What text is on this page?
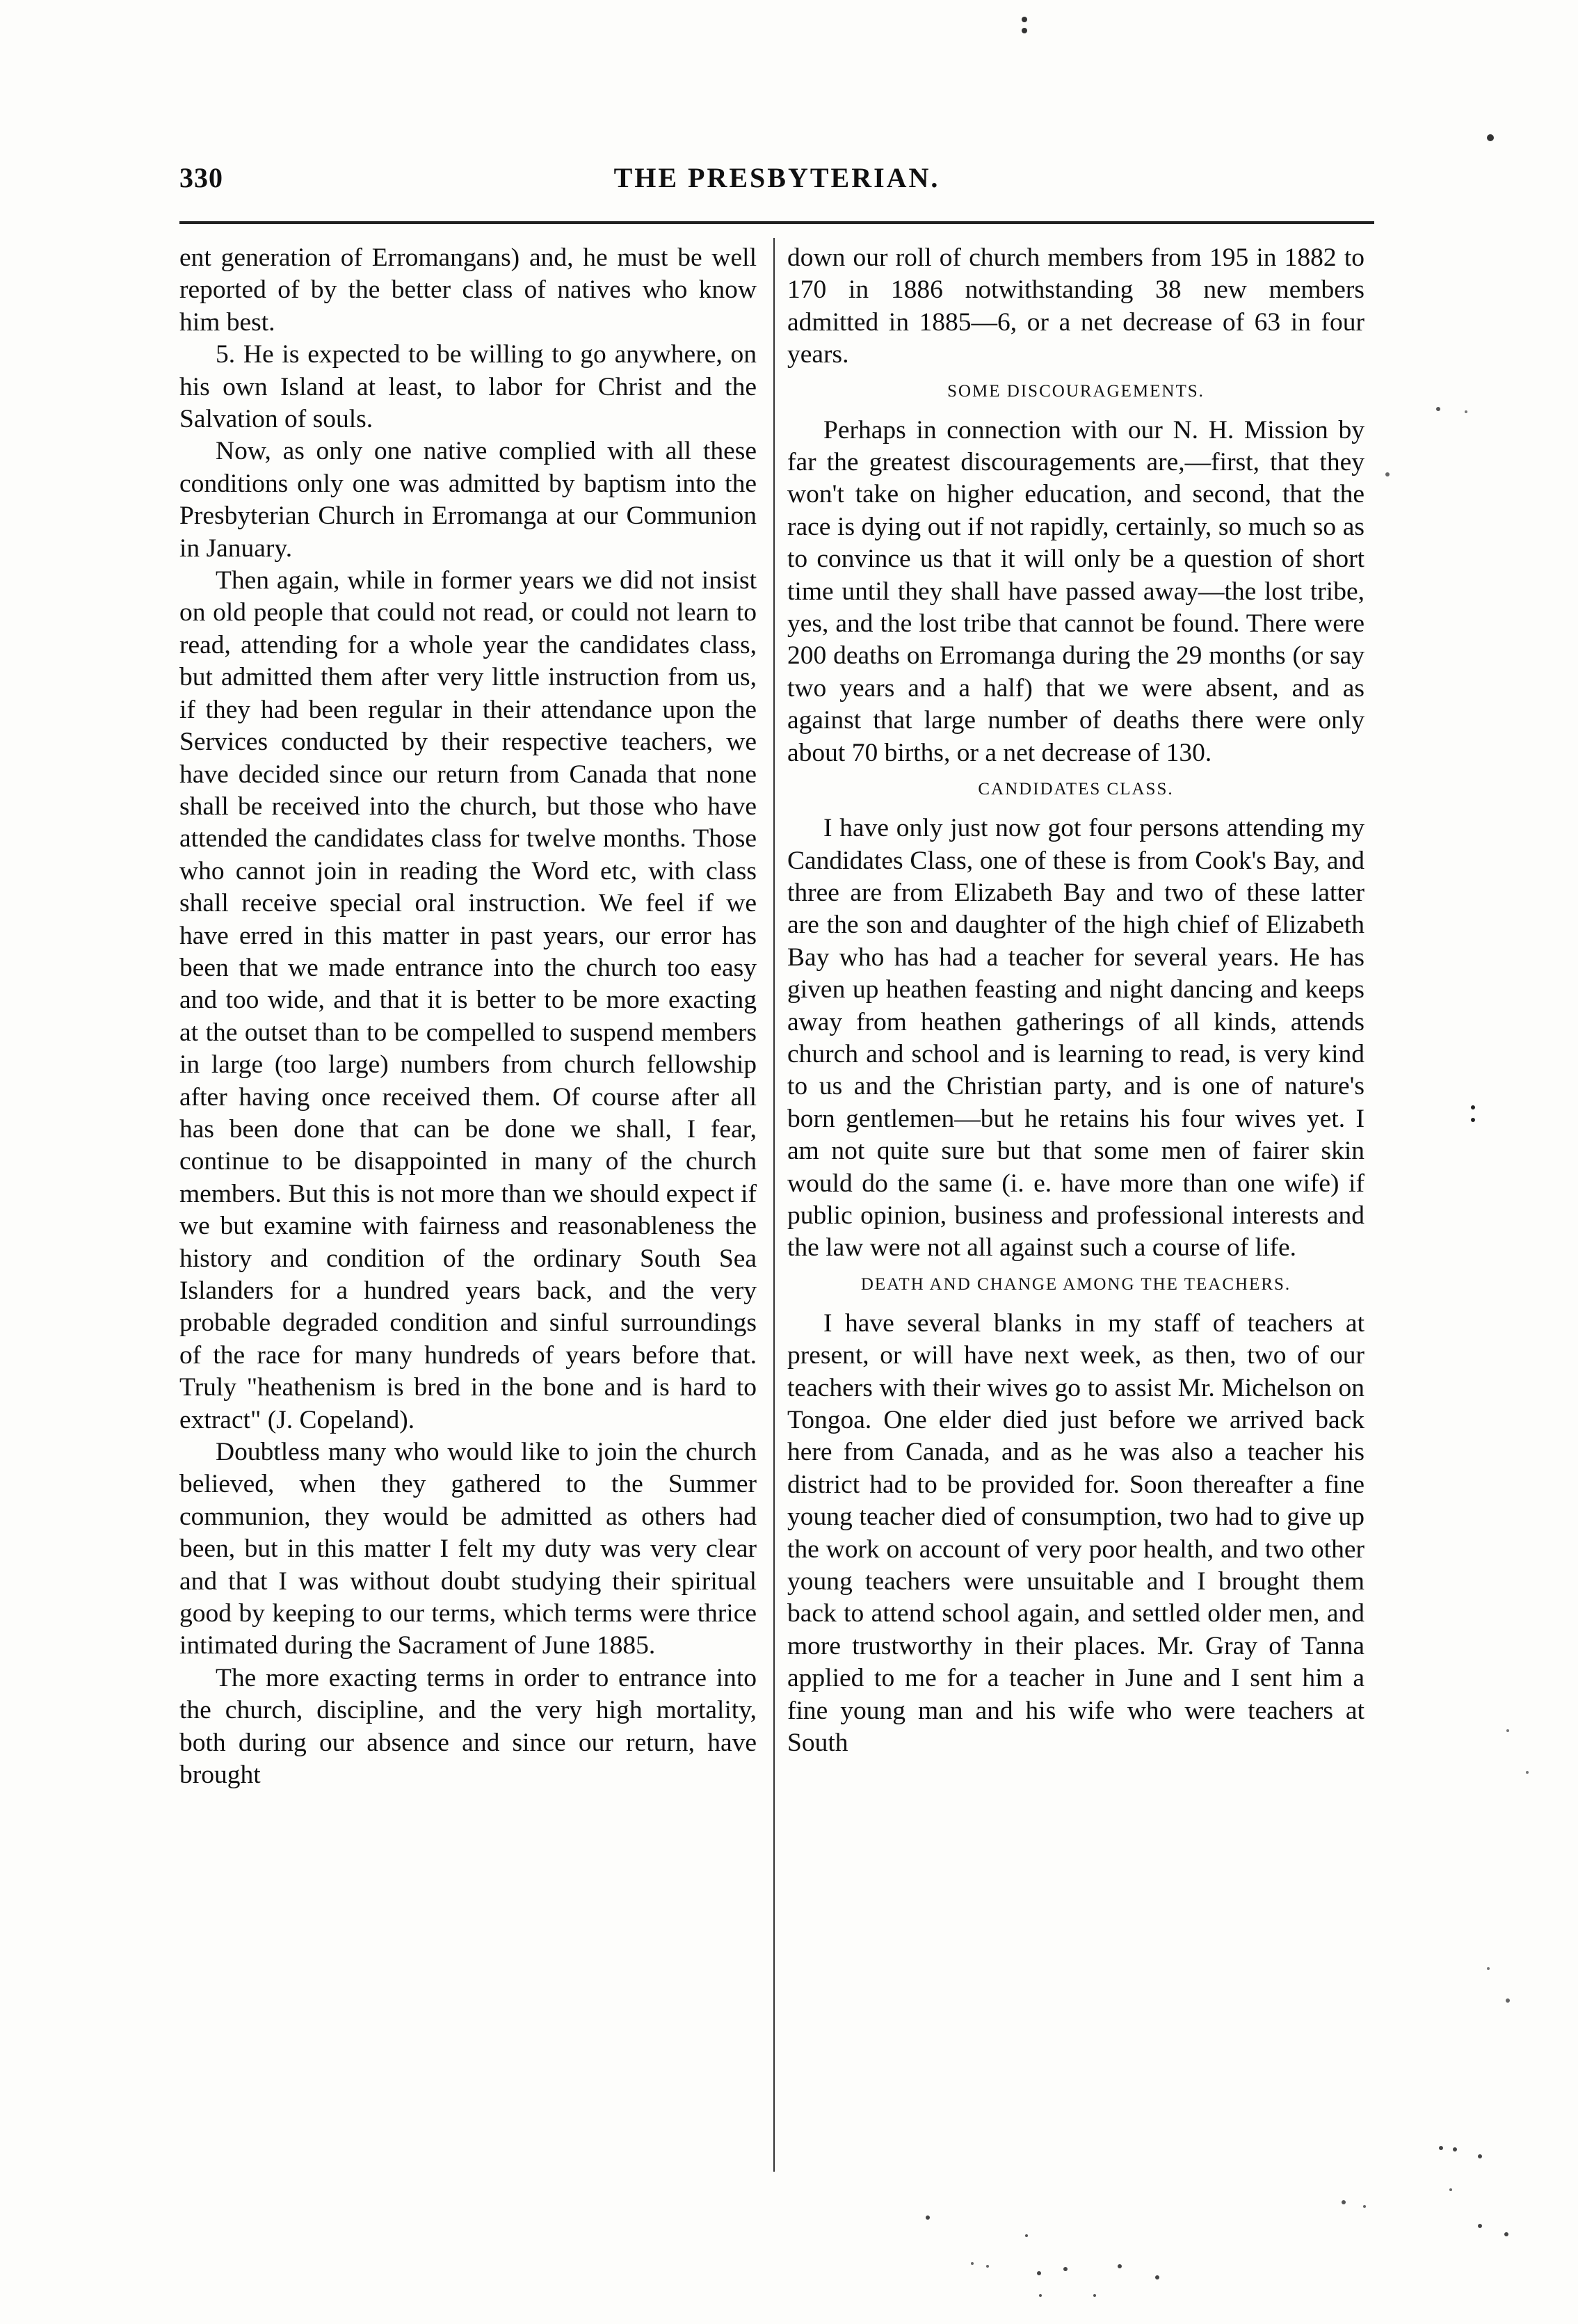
330	THE PRESBYTERIAN.

ent generation of Erromangans) and, he must be well reported of by the better class of natives who know him best.

5. He is expected to be willing to go anywhere, on his own Island at least, to labor for Christ and the Salvation of souls.

Now, as only one native complied with all these conditions only one was admitted by baptism into the Presbyterian Church in Erromanga at our Communion in January.

Then again, while in former years we did not insist on old people that could not read, or could not learn to read, attending for a whole year the candidates class, but admitted them after very little instruction from us, if they had been regular in their attendance upon the Services conducted by their respective teachers, we have decided since our return from Canada that none shall be received into the church, but those who have attended the candidates class for twelve months. Those who cannot join in reading the Word etc, with class shall receive special oral instruction. We feel if we have erred in this matter in past years, our error has been that we made entrance into the church too easy and too wide, and that it is better to be more exacting at the outset than to be compelled to suspend members in large (too large) numbers from church fellowship after having once received them. Of course after all has been done that can be done we shall, I fear, continue to be disappointed in many of the church members. But this is not more than we should expect if we but examine with fairness and reasonableness the history and condition of the ordinary South Sea Islanders for a hundred years back, and the very probable degraded condition and sinful surroundings of the race for many hundreds of years before that. Truly "heathenism is bred in the bone and is hard to extract" (J. Copeland).

Doubtless many who would like to join the church believed, when they gathered to the Summer communion, they would be admitted as others had been, but in this matter I felt my duty was very clear and that I was without doubt studying their spiritual good by keeping to our terms, which terms were thrice intimated during the Sacrament of June 1885.

The more exacting terms in order to entrance into the church, discipline, and the very high mortality, both during our absence and since our return, have brought

down our roll of church members from 195 in 1882 to 170 in 1886 notwithstanding 38 new members admitted in 1885—6, or a net decrease of 63 in four years.

SOME DISCOURAGEMENTS.

Perhaps in connection with our N. H. Mission by far the greatest discouragements are,—first, that they won't take on higher education, and second, that the race is dying out if not rapidly, certainly, so much so as to convince us that it will only be a question of short time until they shall have passed away—the lost tribe, yes, and the lost tribe that cannot be found. There were 200 deaths on Erromanga during the 29 months (or say two years and a half) that we were absent, and as against that large number of deaths there were only about 70 births, or a net decrease of 130.

CANDIDATES CLASS.

I have only just now got four persons attending my Candidates Class, one of these is from Cook's Bay, and three are from Elizabeth Bay and two of these latter are the son and daughter of the high chief of Elizabeth Bay who has had a teacher for several years. He has given up heathen feasting and night dancing and keeps away from heathen gatherings of all kinds, attends church and school and is learning to read, is very kind to us and the Christian party, and is one of nature's born gentlemen—but he retains his four wives yet. I am not quite sure but that some men of fairer skin would do the same (i. e. have more than one wife) if public opinion, business and professional interests and the law were not all against such a course of life.

DEATH AND CHANGE AMONG THE TEACHERS.

I have several blanks in my staff of teachers at present, or will have next week, as then, two of our teachers with their wives go to assist Mr. Michelson on Tongoa. One elder died just before we arrived back here from Canada, and as he was also a teacher his district had to be provided for. Soon thereafter a fine young teacher died of consumption, two had to give up the work on account of very poor health, and two other young teachers were unsuitable and I brought them back to attend school again, and settled older men, and more trustworthy in their places. Mr. Gray of Tanna applied to me for a teacher in June and I sent him a fine young man and his wife who were teachers at South
